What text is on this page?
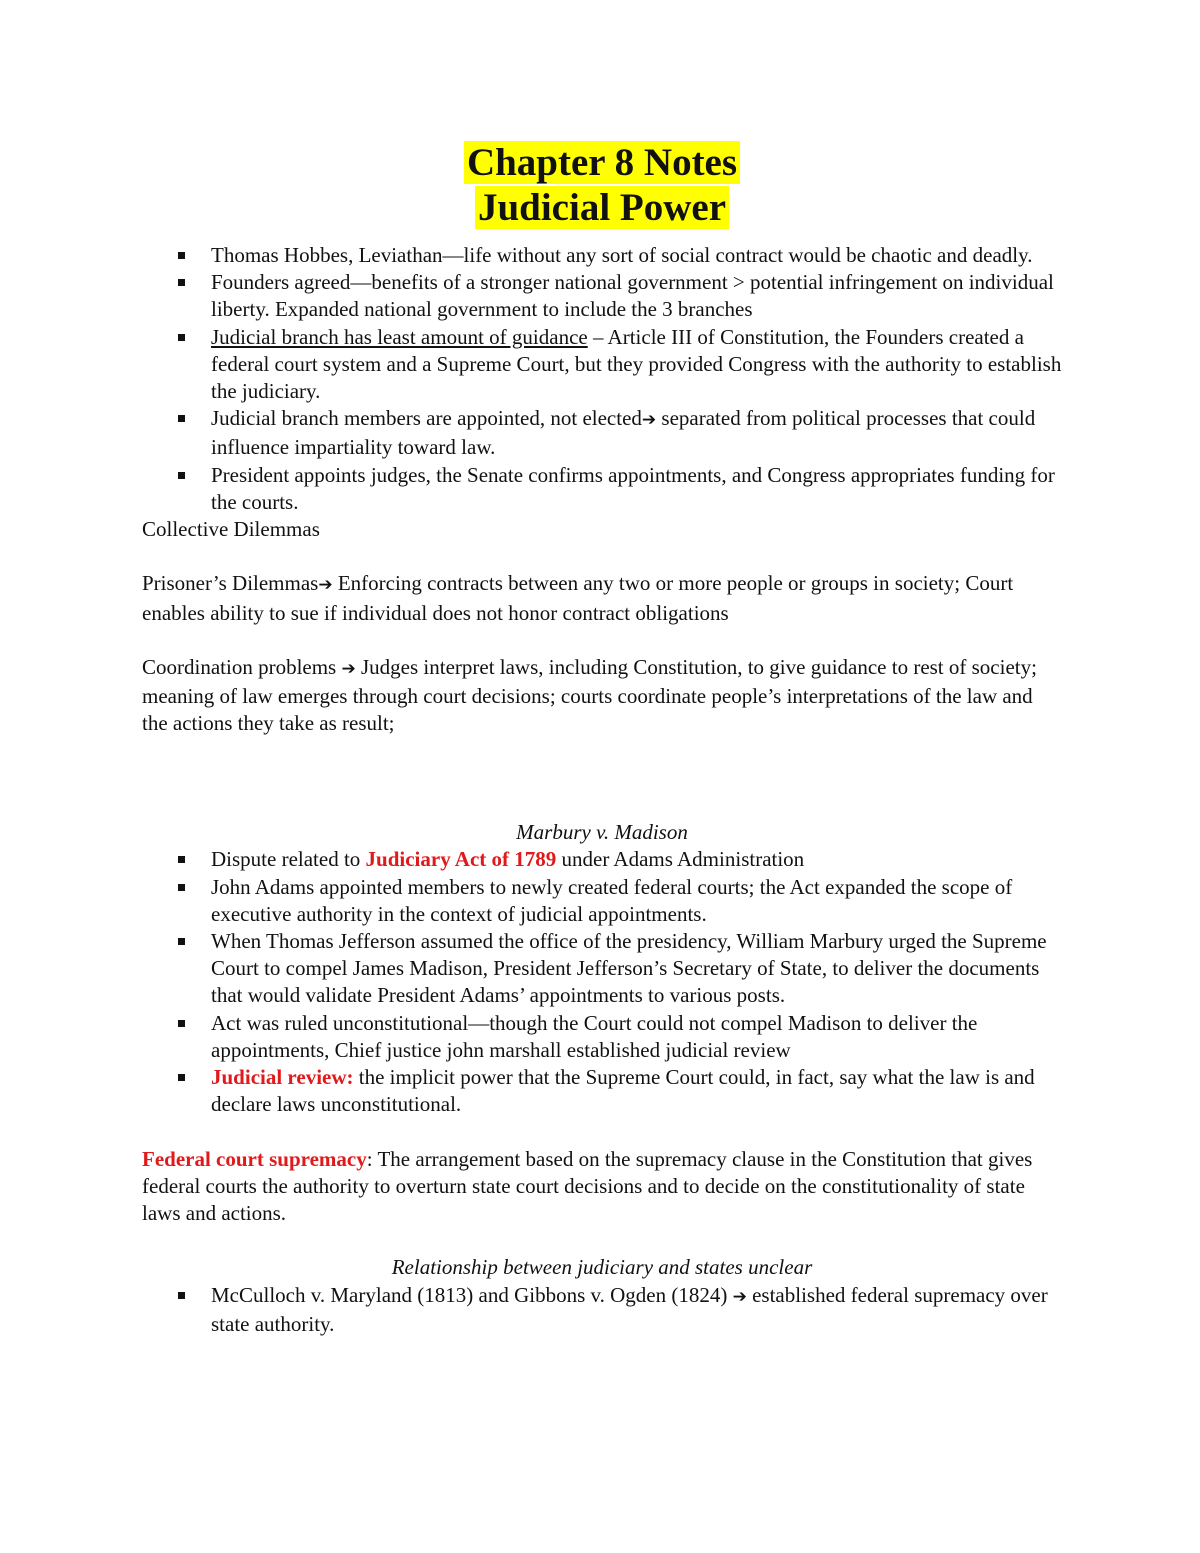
Chapter 8 Notes
Judicial Power
Thomas Hobbes, Leviathan—life without any sort of social contract would be chaotic and deadly.
Founders agreed—benefits of a stronger national government > potential infringement on individual liberty. Expanded national government to include the 3 branches
Judicial branch has least amount of guidance – Article III of Constitution, the Founders created a federal court system and a Supreme Court, but they provided Congress with the authority to establish the judiciary.
Judicial branch members are appointed, not elected➔ separated from political processes that could influence impartiality toward law.
President appoints judges, the Senate confirms appointments, and Congress appropriates funding for the courts.

Collective Dilemmas

Prisoner’s Dilemmas➔ Enforcing contracts between any two or more people or groups in society; Court enables ability to sue if individual does not honor contract obligations

Coordination problems ➔ Judges interpret laws, including Constitution, to give guidance to rest of society; meaning of law emerges through court decisions; courts coordinate people’s interpretations of the law and the actions they take as result;

Marbury v. Madison

Dispute related to Judiciary Act of 1789 under Adams Administration
John Adams appointed members to newly created federal courts; the Act expanded the scope of executive authority in the context of judicial appointments.
When Thomas Jefferson assumed the office of the presidency, William Marbury urged the Supreme Court to compel James Madison, President Jefferson’s Secretary of State, to deliver the documents that would validate President Adams’ appointments to various posts.
Act was ruled unconstitutional—though the Court could not compel Madison to deliver the appointments, Chief justice john marshall established judicial review
Judicial review: the implicit power that the Supreme Court could, in fact, say what the law is and declare laws unconstitutional.

Federal court supremacy: The arrangement based on the supremacy clause in the Constitution that gives federal courts the authority to overturn state court decisions and to decide on the constitutionality of state laws and actions.

Relationship between judiciary and states unclear

McCulloch v. Maryland (1813) and Gibbons v. Ogden (1824) ➔ established federal supremacy over state authority.
